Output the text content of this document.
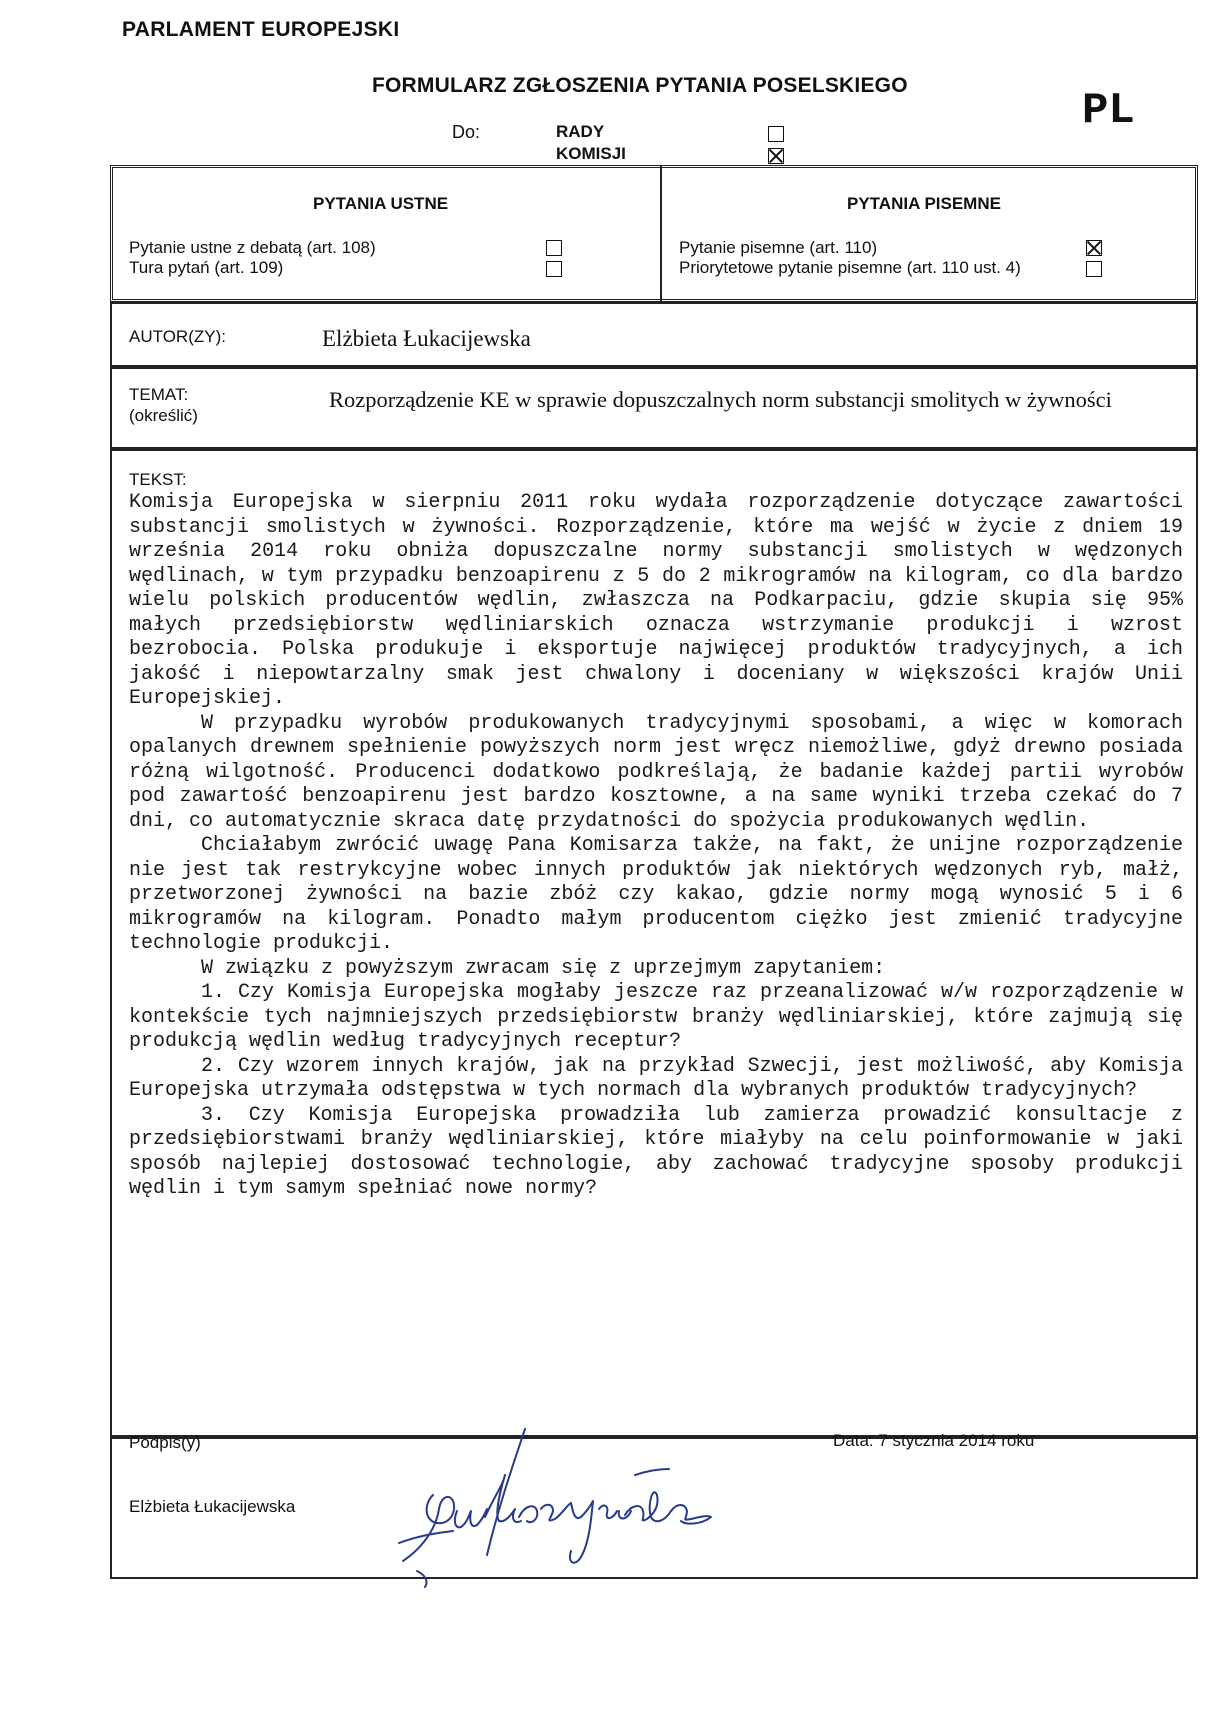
PARLAMENT EUROPEJSKI
FORMULARZ ZGŁOSZENIA PYTANIA POSELSKIEGO
PL
Do:	RADY
KOMISJI
PYTANIA USTNE
Pytanie ustne z debatą (art. 108)
Tura pytań (art. 109)
PYTANIA PISEMNE
Pytanie pisemne (art. 110)
Priorytetowe pytanie pisemne (art. 110 ust. 4)
AUTOR(ZY):	Elżbieta Łukacijewska
TEMAT:
(określić)
Rozporządzenie KE w sprawie dopuszczalnych norm substancji smolitych w żywności
TEKST:

Komisja Europejska w sierpniu 2011 roku wydała rozporządzenie dotyczące zawartości substancji smolistych w żywności. Rozporządzenie, które ma wejść w życie z dniem 19 września 2014 roku obniża dopuszczalne normy substancji smolistych w wędzonych wędlinach, w tym przypadku benzoapirenu z 5 do 2 mikrogramów na kilogram, co dla bardzo wielu polskich producentów wędlin, zwłaszcza na Podkarpaciu, gdzie skupia się 95% małych przedsiębiorstw wędliniarskich oznacza wstrzymanie produkcji i wzrost bezrobocia. Polska produkuje i eksportuje najwięcej produktów tradycyjnych, a ich jakość i niepowtarzalny smak jest chwalony i doceniany w większości krajów Unii Europejskiej.

W przypadku wyrobów produkowanych tradycyjnymi sposobami, a więc w komorach opalanych drewnem spełnienie powyższych norm jest wręcz niemożliwe, gdyż drewno posiada różną wilgotność. Producenci dodatkowo podkreślają, że badanie każdej partii wyrobów pod zawartość benzoapirenu jest bardzo kosztowne, a na same wyniki trzeba czekać do 7 dni, co automatycznie skraca datę przydatności do spożycia produkowanych wędlin.

Chciałabym zwrócić uwagę Pana Komisarza także, na fakt, że unijne rozporządzenie nie jest tak restrykcyjne wobec innych produktów jak niektórych wędzonych ryb, małż, przetworzonej żywności na bazie zbóż czy kakao, gdzie normy mogą wynosić 5 i 6 mikrogramów na kilogram. Ponadto małym producentom ciężko jest zmienić tradycyjne technologie produkcji.

W związku z powyższym zwracam się z uprzejmym zapytaniem:

1. Czy Komisja Europejska mogłaby jeszcze raz przeanalizować w/w rozporządzenie w kontekście tych najmniejszych przedsiębiorstw branży wędliniarskiej, które zajmują się produkcją wędlin według tradycyjnych receptur?

2. Czy wzorem innych krajów, jak na przykład Szwecji, jest możliwość, aby Komisja Europejska utrzymała odstępstwa w tych normach dla wybranych produktów tradycyjnych?

3. Czy Komisja Europejska prowadziła lub zamierza prowadzić konsultacje z przedsiębiorstwami branży wędliniarskiej, które miałyby na celu poinformowanie w jaki sposób najlepiej dostosować technologie, aby zachować tradycyjne sposoby produkcji wędlin i tym samym spełniać nowe normy?

Podpis(y)	Data: 7 stycznia 2014 roku
Elżbieta Łukacijewska
